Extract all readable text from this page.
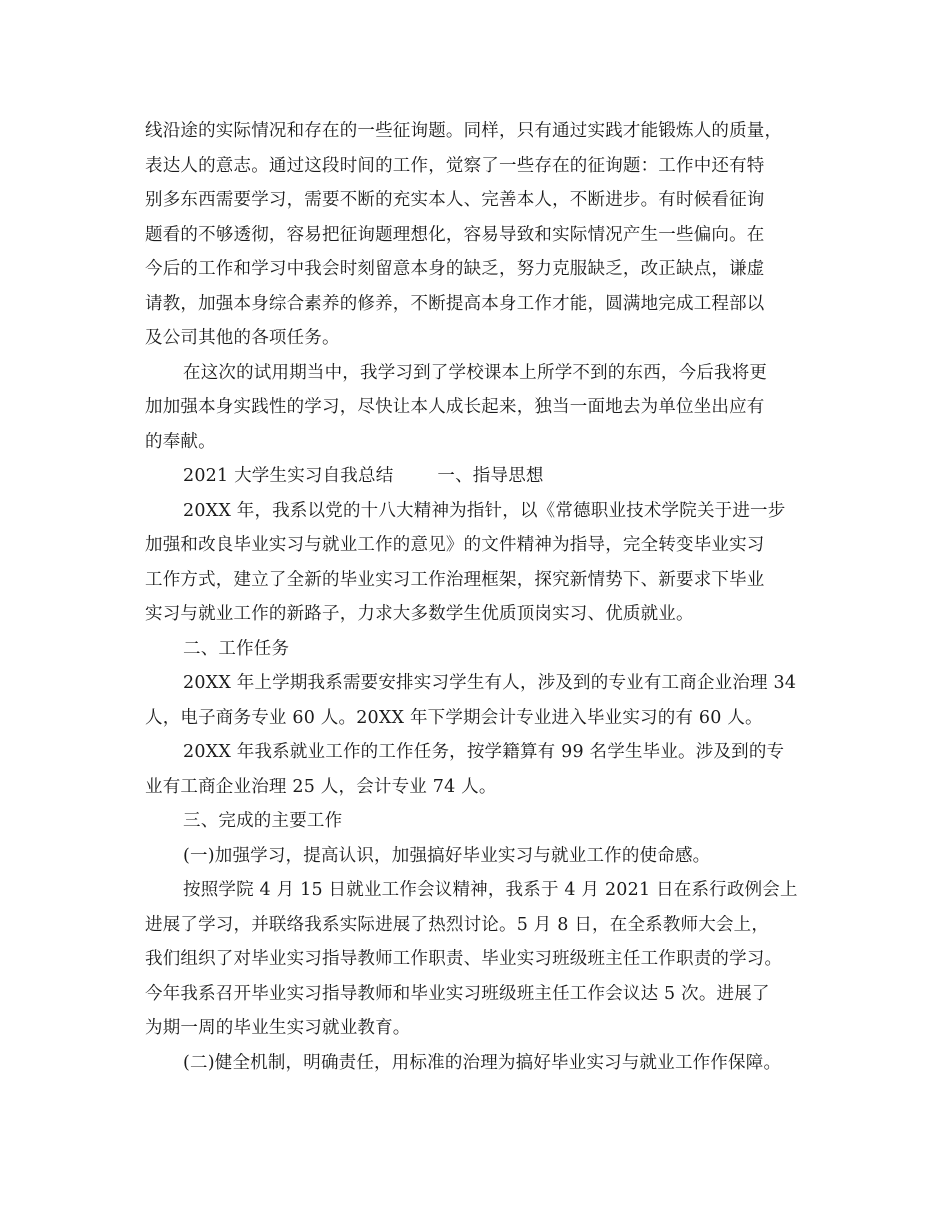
线沿途的实际情况和存在的一些征询题。同样，只有通过实践才能锻炼人的质量，
表达人的意志。通过这段时间的工作，觉察了一些存在的征询题：工作中还有特
别多东西需要学习，需要不断的充实本人、完善本人，不断进步。有时候看征询
题看的不够透彻，容易把征询题理想化，容易导致和实际情况产生一些偏向。在
今后的工作和学习中我会时刻留意本身的缺乏，努力克服缺乏，改正缺点，谦虚
请教，加强本身综合素养的修养，不断提高本身工作才能，圆满地完成工程部以
及公司其他的各项任务。
在这次的试用期当中，我学习到了学校课本上所学不到的东西，今后我将更
加加强本身实践性的学习，尽快让本人成长起来，独当一面地去为单位坐出应有
的奉献。
2021 大学生实习自我总结	一、指导思想
20XX 年，我系以党的十八大精神为指针，以《常德职业技术学院关于进一步
加强和改良毕业实习与就业工作的意见》的文件精神为指导，完全转变毕业实习
工作方式，建立了全新的毕业实习工作治理框架，探究新情势下、新要求下毕业
实习与就业工作的新路子，力求大多数学生优质顶岗实习、优质就业。
二、工作任务
20XX 年上学期我系需要安排实习学生有人，涉及到的专业有工商企业治理 34
人，电子商务专业 60 人。20XX 年下学期会计专业进入毕业实习的有 60 人。
20XX 年我系就业工作的工作任务，按学籍算有 99 名学生毕业。涉及到的专
业有工商企业治理 25 人，会计专业 74 人。
三、完成的主要工作
(一)加强学习，提高认识，加强搞好毕业实习与就业工作的使命感。
按照学院 4 月 15 日就业工作会议精神，我系于 4 月 2021 日在系行政例会上
进展了学习，并联络我系实际进展了热烈讨论。5 月 8 日，在全系教师大会上，
我们组织了对毕业实习指导教师工作职责、毕业实习班级班主任工作职责的学习。
今年我系召开毕业实习指导教师和毕业实习班级班主任工作会议达 5 次。进展了
为期一周的毕业生实习就业教育。
(二)健全机制，明确责任，用标准的治理为搞好毕业实习与就业工作作保障。
